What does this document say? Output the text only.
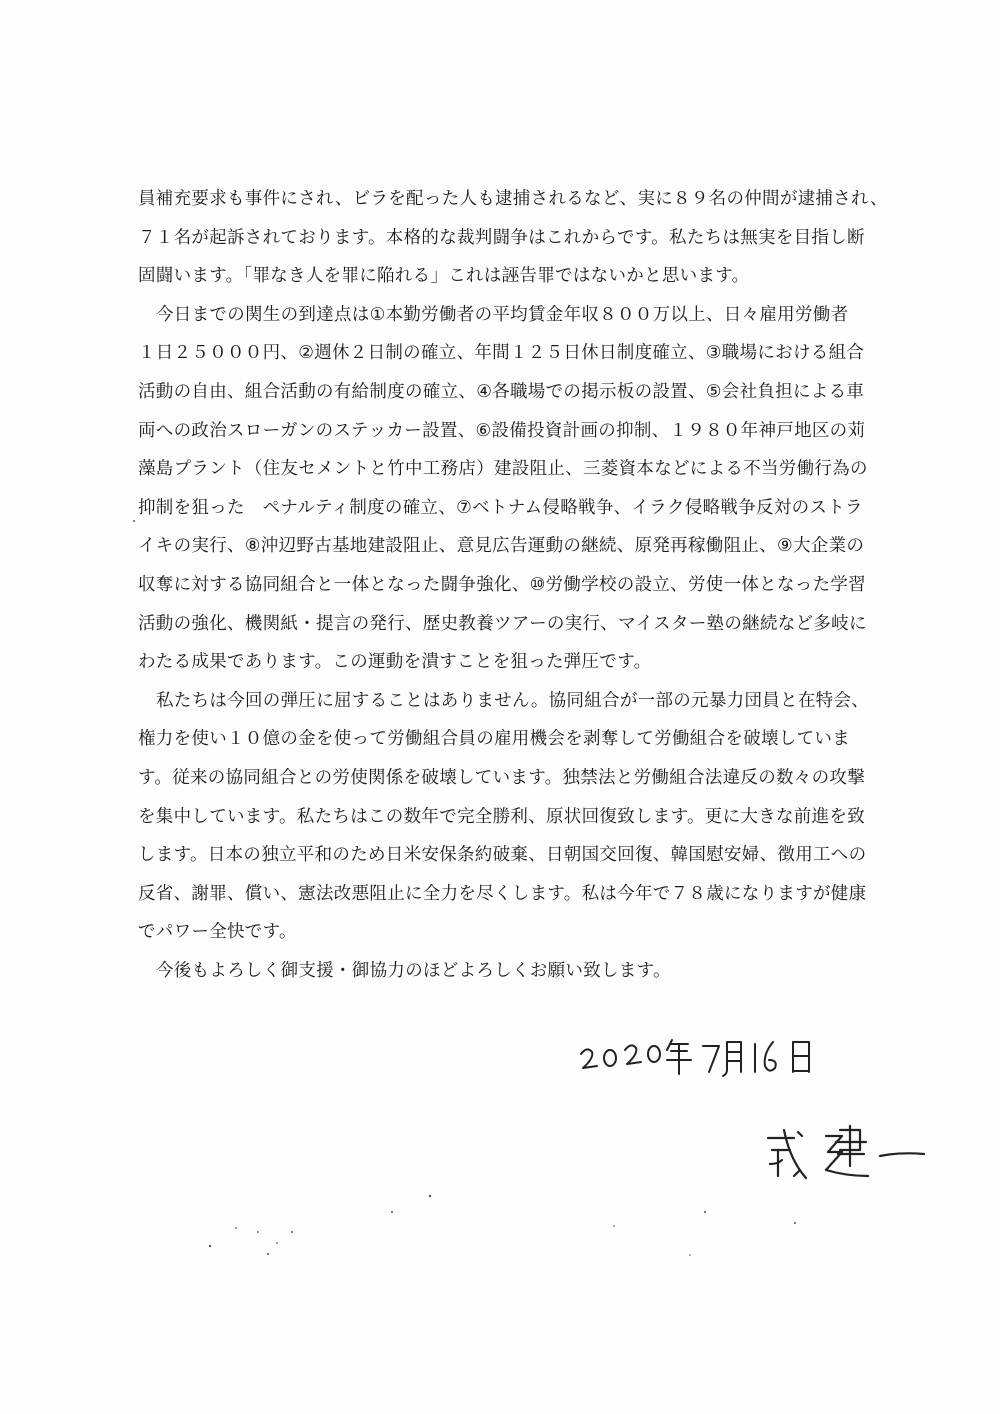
員補充要求も事件にされ、ビラを配った人も逮捕されるなど、実に８９名の仲間が逮捕され、
７１名が起訴されております。本格的な裁判闘争はこれからです。私たちは無実を目指し断
固闘います。「罪なき人を罪に陥れる」これは誣告罪ではないかと思います。
今日までの関生の到達点は①本勤労働者の平均賃金年収８００万以上、日々雇用労働者
１日２５０００円、②週休２日制の確立、年間１２５日休日制度確立、③職場における組合
活動の自由、組合活動の有給制度の確立、④各職場での掲示板の設置、⑤会社負担による車
両への政治スローガンのステッカー設置、⑥設備投資計画の抑制、１９８０年神戸地区の苅
藻島プラント（住友セメントと竹中工務店）建設阻止、三菱資本などによる不当労働行為の
抑制を狙った　ペナルティ制度の確立、⑦ベトナム侵略戦争、イラク侵略戦争反対のストラ
イキの実行、⑧沖辺野古基地建設阻止、意見広告運動の継続、原発再稼働阻止、⑨大企業の
収奪に対する協同組合と一体となった闘争強化、⑩労働学校の設立、労使一体となった学習
活動の強化、機関紙・提言の発行、歴史教養ツアーの実行、マイスター塾の継続など多岐に
わたる成果であります。この運動を潰すことを狙った弾圧です。
私たちは今回の弾圧に屈することはありません。協同組合が一部の元暴力団員と在特会、
権力を使い１０億の金を使って労働組合員の雇用機会を剥奪して労働組合を破壊していま
す。従来の協同組合との労使関係を破壊しています。独禁法と労働組合法違反の数々の攻撃
を集中しています。私たちはこの数年で完全勝利、原状回復致します。更に大きな前進を致
します。日本の独立平和のため日米安保条約破棄、日朝国交回復、韓国慰安婦、徴用工への
反省、謝罪、償い、憲法改悪阻止に全力を尽くします。私は今年で７８歳になりますが健康
でパワー全快です。
今後もよろしく御支援・御協力のほどよろしくお願い致します。
